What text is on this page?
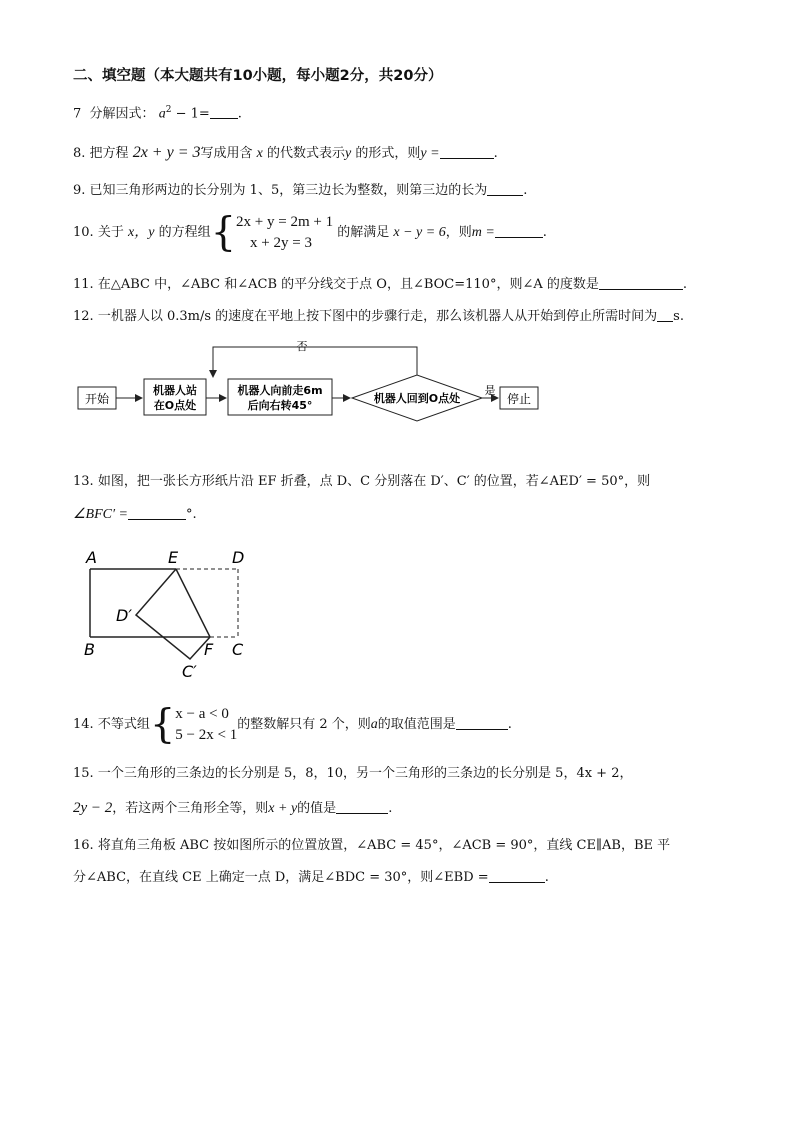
二、填空题（本大题共有10小题，每小题2分，共20分）
7 分解因式： $a^2 - 1=$ .
8. 把方程 2x + y = 3写成用含 x 的代数式表示y 的形式，则y =	.
9. 已知三角形两边的长分别为 1、5，第三边长为整数，则第三边的长为	.
10. 关于 x，y 的方程组{ 2x + y = 2m + 1
x + 2y = 3
的解满足 x − y = 6，则m =	.
11. 在△ABC 中，∠ABC 和∠ACB 的平分线交于点 O，且∠BOC=110°，则∠A 的度数是	.
12. 一机器人以 0.3m/s 的速度在平地上按下图中的步骤行走，那么该机器人从开始到停止所需时间为 s.
开始
机器人站
在O点处
机器人向前走6m
后向右转45°
机器人回到O点处
否
是
停止
13. 如图，把一张长方形纸片沿 EF 折叠，点 D、C 分别落在 D′、C′ 的位置，若∠AED′ = 50°，则
∠BFC′ =	°.
A	E	D
D′
B	F C
C′
14. 不等式组{ x − a < 0
5 − 2x < 1
的整数解只有 2 个，则a的取值范围是	.
15. 一个三角形的三条边的长分别是 5，8，10，另一个三角形的三条边的长分别是 5，4x + 2，
2y − 2，若这两个三角形全等，则x + y的值是	.
16. 将直角三角板 ABC 按如图所示的位置放置，∠ABC = 45°，∠ACB = 90°，直线 CE∥AB，BE 平
分∠ABC，在直线 CE 上确定一点 D，满足∠BDC = 30°，则∠EBD =	.
